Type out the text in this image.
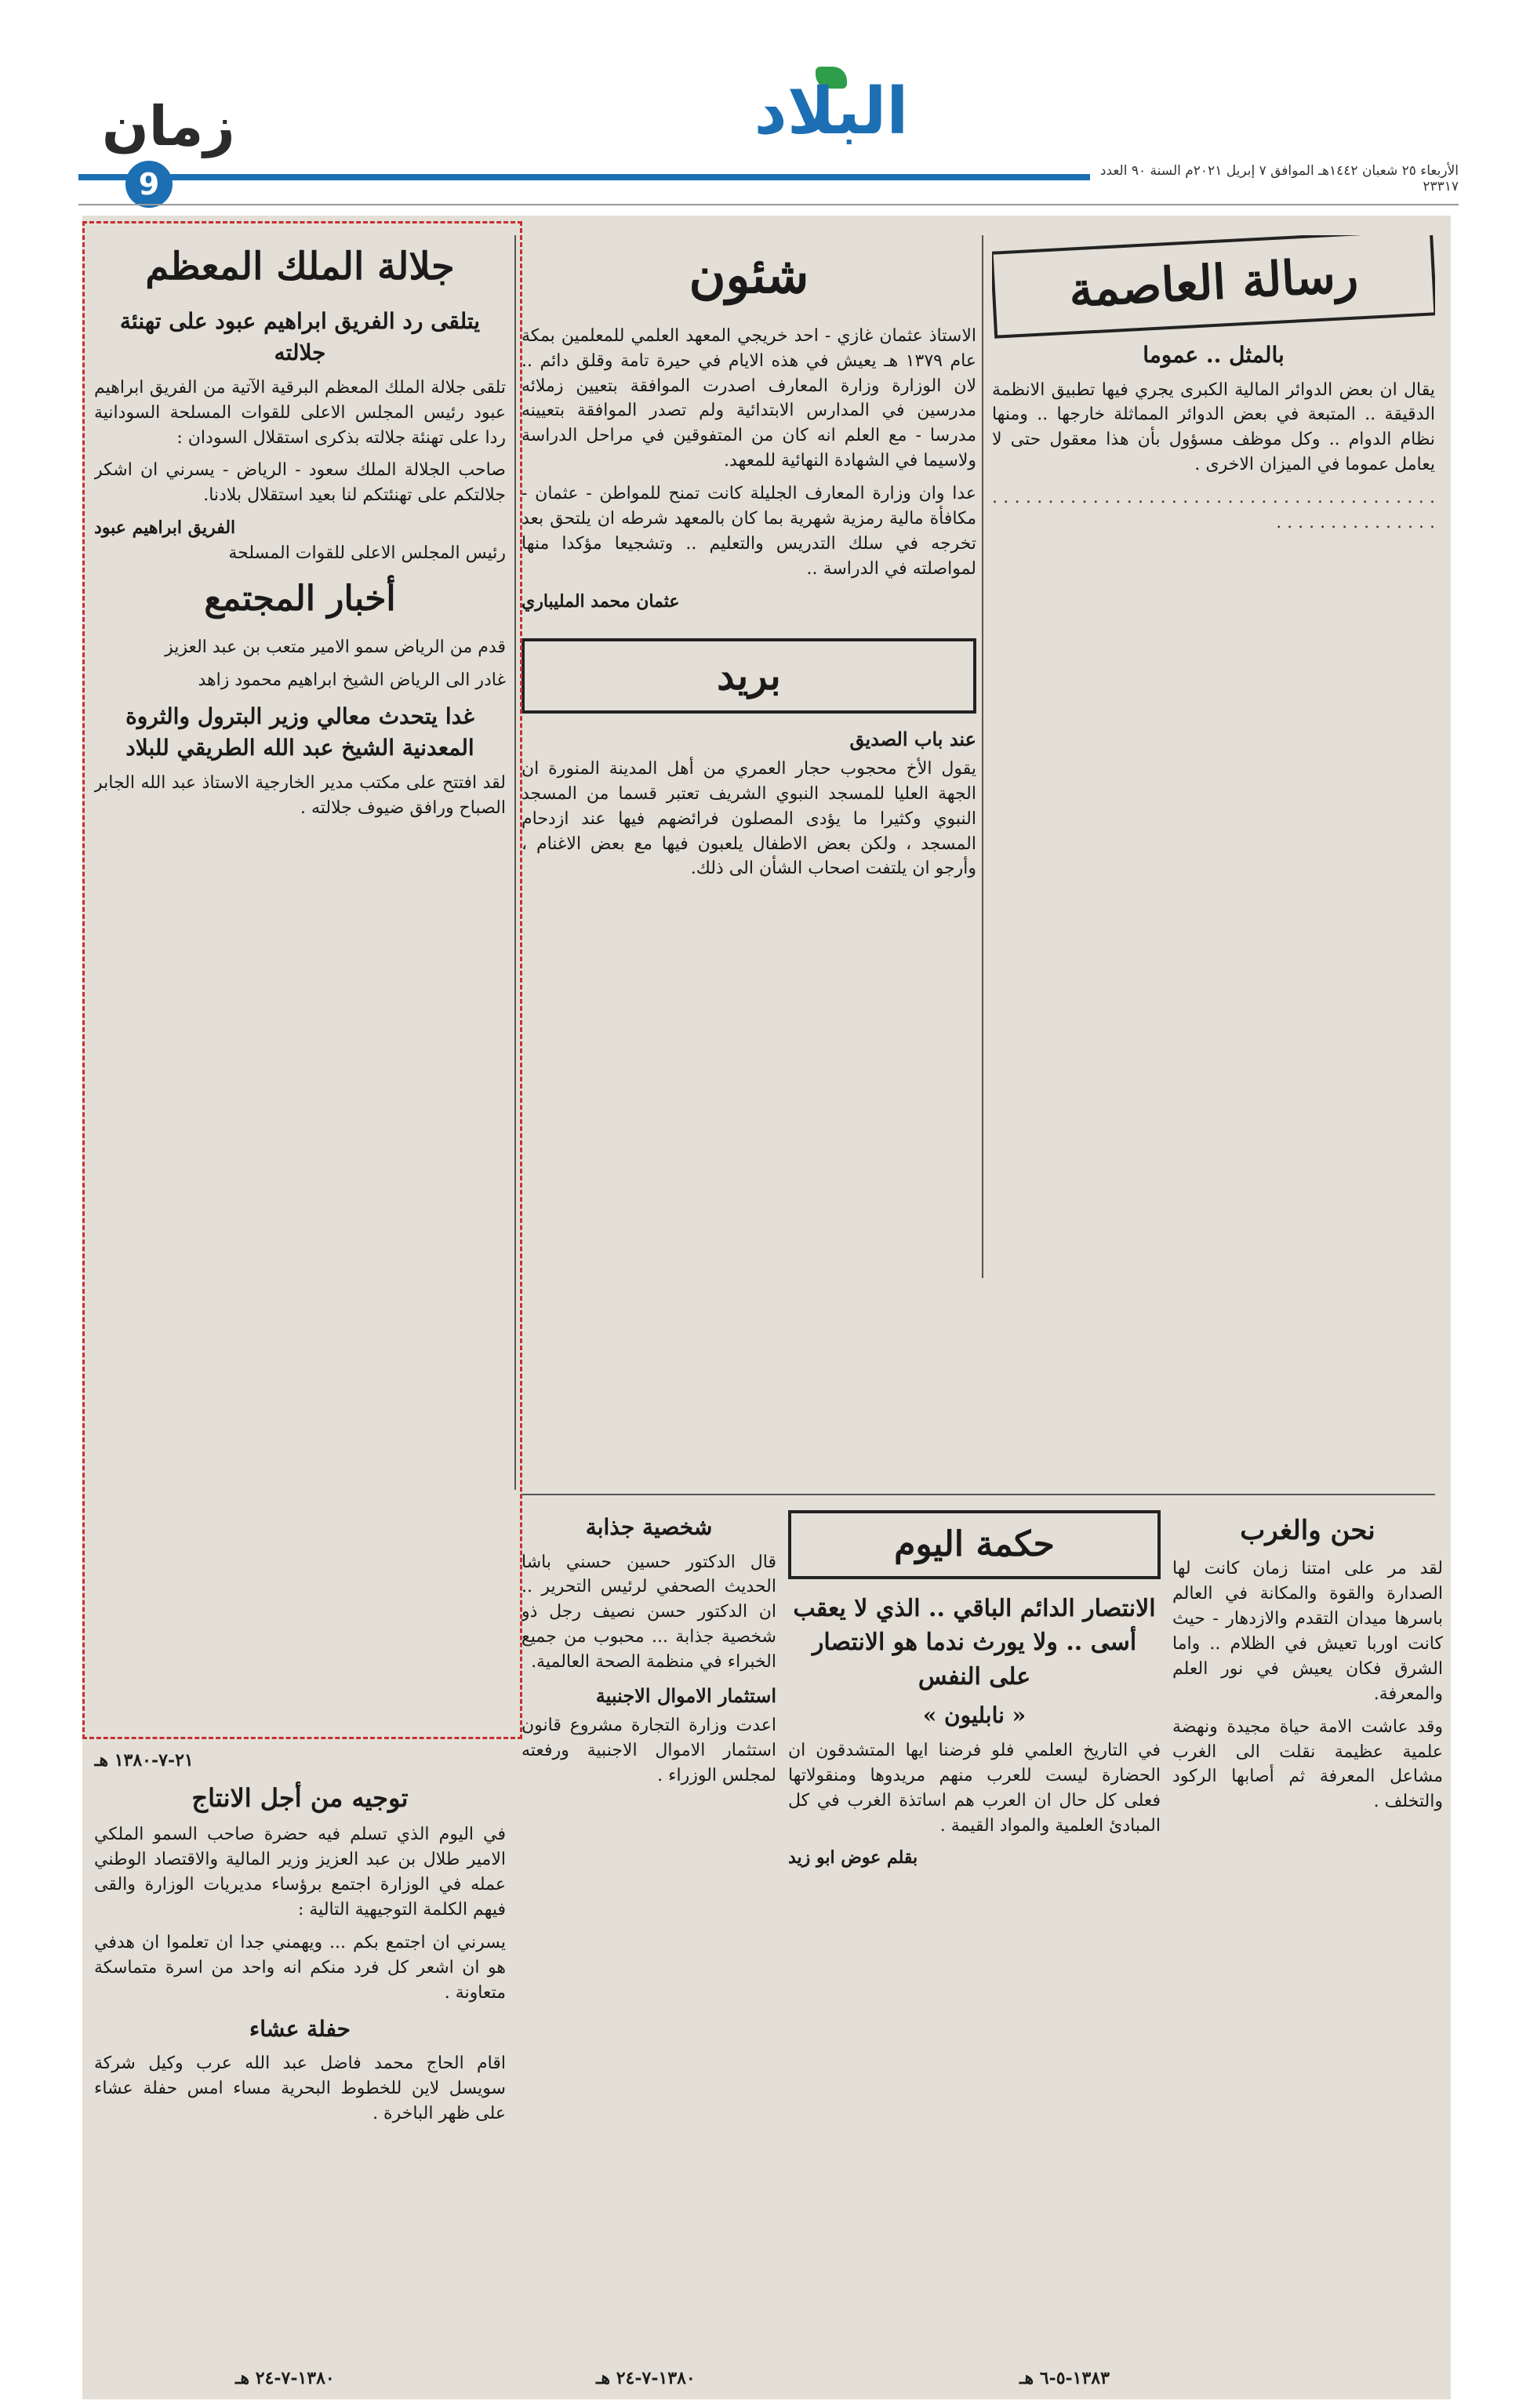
زمان
9
البلاد
الأربعاء ٢٥ شعبان ١٤٤٢هـ الموافق ٧ إبريل ٢٠٢١م السنة ٩٠ العدد ٢٣٣١٧
رسالة العاصمة
بالمثل .. عموما

يقال ان بعض الدوائر المالية الكبرى يجري فيها تطبيق الانظمة الدقيقة .. المتبعة في بعض الدوائر المماثلة خارجها .. ومنها نظام الدوام .. وكل موظف مسؤول بأن هذا معقول حتى لا يعامل عموما في الميزان الاخرى .

. . . . . . . . . . . . . . . . . . . . . . . . . . . . . . . . . . . . . . . . . . . . . . . . . . . . . . .

شئون

الاستاذ عثمان غازي - احد خريجي المعهد العلمي للمعلمين بمكة عام ١٣٧٩ هـ يعيش في هذه الايام في حيرة تامة وقلق دائم .. لان الوزارة وزارة المعارف اصدرت الموافقة بتعيين زملائه مدرسين في المدارس الابتدائية ولم تصدر الموافقة بتعيينه مدرسا - مع العلم انه كان من المتفوقين في مراحل الدراسة ولاسيما في الشهادة النهائية للمعهد.

عدا وان وزارة المعارف الجليلة كانت تمنح للمواطن - عثمان - مكافأة مالية رمزية شهرية بما كان بالمعهد شرطه ان يلتحق بعد تخرجه في سلك التدريس والتعليم .. وتشجيعا مؤكدا منها لمواصلته في الدراسة ..

عثمان محمد المليباري
بريد
عند باب الصديق

يقول الأخ محجوب حجار العمري من أهل المدينة المنورة ان الجهة العليا للمسجد النبوي الشريف تعتبر قسما من المسجد النبوي وكثيرا ما يؤدى المصلون فرائضهم فيها عند ازدحام المسجد ، ولكن بعض الاطفال يلعبون فيها مع بعض الاغنام ، وأرجو ان يلتفت اصحاب الشأن الى ذلك.

جلالة الملك المعظم
يتلقى رد الفريق ابراهيم عبود على تهنئة جلالته

تلقى جلالة الملك المعظم البرقية الآتية من الفريق ابراهيم عبود رئيس المجلس الاعلى للقوات المسلحة السودانية ردا على تهنئة جلالته بذكرى استقلال السودان :

صاحب الجلالة الملك سعود - الرياض - يسرني ان اشكر جلالتكم على تهنئتكم لنا بعيد استقلال بلادنا.

الفريق ابراهيم عبود

رئيس المجلس الاعلى للقوات المسلحة

أخبار المجتمع

قدم من الرياض سمو الامير متعب بن عبد العزيز

غادر الى الرياض الشيخ ابراهيم محمود زاهد

غدا يتحدث معالي وزير البترول والثروة المعدنية الشيخ عبد الله الطريقي للبلاد

لقد افتتح على مكتب مدير الخارجية الاستاذ عبد الله الجابر الصباح ورافق ضيوف جلالته .

نحن والغرب

لقد مر على امتنا زمان كانت لها الصدارة والقوة والمكانة في العالم باسرها ميدان التقدم والازدهار - حيث كانت اوربا تعيش في الظلام .. واما الشرق فكان يعيش في نور العلم والمعرفة.

وقد عاشت الامة حياة مجيدة ونهضة علمية عظيمة نقلت الى الغرب مشاعل المعرفة ثم أصابها الركود والتخلف .

حكمة اليوم
الانتصار الدائم الباقي .. الذي لا يعقب أسى .. ولا يورث ندما هو الانتصار على النفس
« نابليون »

في التاريخ العلمي فلو فرضنا ايها المتشدقون ان الحضارة ليست للعرب منهم مريدوها ومنقولاتها فعلى كل حال ان العرب هم اساتذة الغرب في كل المبادئ العلمية والمواد القيمة .

بقلم عوض ابو زيد
شخصية جذابة

قال الدكتور حسين حسني باشا الحديث الصحفي لرئيس التحرير .. ان الدكتور حسن نصيف رجل ذو شخصية جذابة ... محبوب من جميع الخبراء في منظمة الصحة العالمية.

استثمار الاموال الاجنبية

اعدت وزارة التجارة مشروع قانون استثمار الاموال الاجنبية ورفعته لمجلس الوزراء .

٢١-٧-١٣٨٠ هـ
توجيه من أجل الانتاج

في اليوم الذي تسلم فيه حضرة صاحب السمو الملكي الامير طلال بن عبد العزيز وزير المالية والاقتصاد الوطني عمله في الوزارة اجتمع برؤساء مديريات الوزارة والقى فيهم الكلمة التوجيهية التالية :

يسرني ان اجتمع بكم ... ويهمني جدا ان تعلموا ان هدفي هو ان اشعر كل فرد منكم انه واحد من اسرة متماسكة متعاونة .

حفلة عشاء

اقام الحاج محمد فاضل عبد الله عرب وكيل شركة سويسل لاين للخطوط البحرية مساء امس حفلة عشاء على ظهر الباخرة .

١٣٨٠-٧-٢٤ هـ	١٣٨٠-٧-٢٤ هـ	١٣٨٣-٥-٦ هـ
